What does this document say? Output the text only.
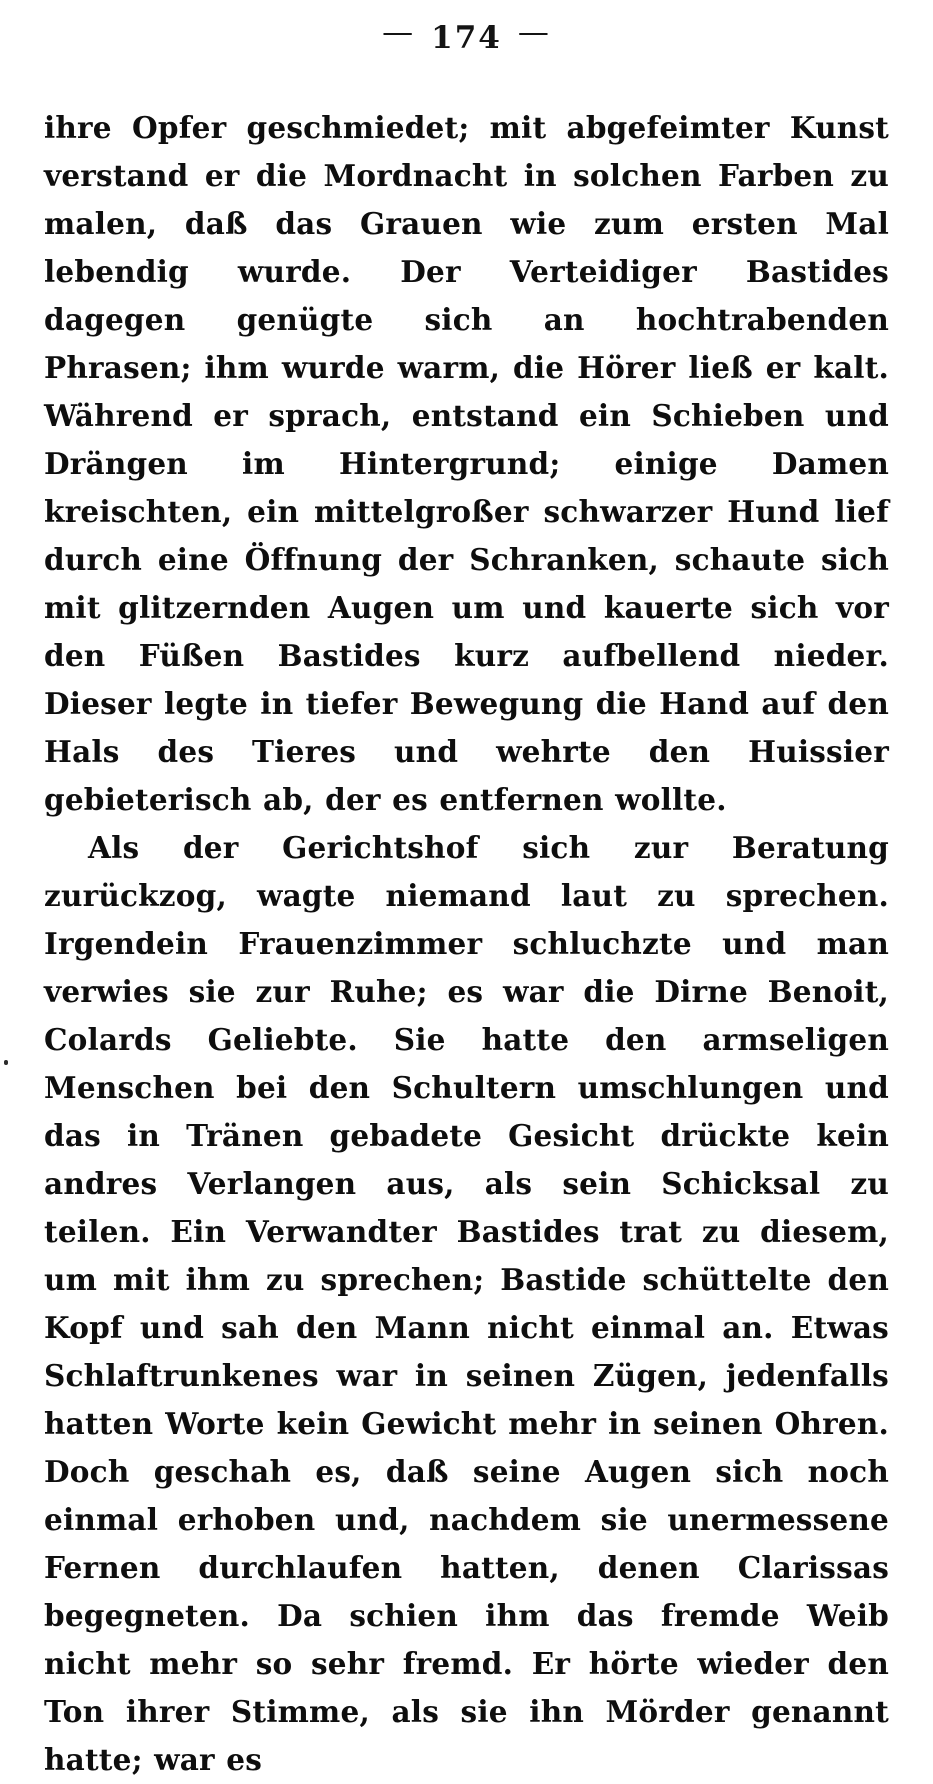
— 174 —

ihre Opfer geschmiedet; mit abgefeimter Kunst verstand er die Mordnacht in solchen Farben zu malen, daß das Grauen wie zum ersten Mal lebendig wurde. Der Verteidiger Bastides dagegen genügte sich an hochtrabenden Phrasen; ihm wurde warm, die Hörer ließ er kalt. Während er sprach, entstand ein Schieben und Drängen im Hintergrund; einige Damen kreischten, ein mittelgroßer schwarzer Hund lief durch eine Öffnung der Schranken, schaute sich mit glitzernden Augen um und kauerte sich vor den Füßen Bastides kurz aufbellend nieder. Dieser legte in tiefer Bewegung die Hand auf den Hals des Tieres und wehrte den Huissier gebieterisch ab, der es entfernen wollte.

Als der Gerichtshof sich zur Beratung zurückzog, wagte niemand laut zu sprechen. Irgendein Frauenzimmer schluchzte und man verwies sie zur Ruhe; es war die Dirne Benoit, Colards Geliebte. Sie hatte den armseligen Menschen bei den Schultern umschlungen und das in Tränen gebadete Gesicht drückte kein andres Verlangen aus, als sein Schicksal zu teilen. Ein Verwandter Bastides trat zu diesem, um mit ihm zu sprechen; Bastide schüttelte den Kopf und sah den Mann nicht einmal an. Etwas Schlaftrunkenes war in seinen Zügen, jedenfalls hatten Worte kein Gewicht mehr in seinen Ohren. Doch geschah es, daß seine Augen sich noch einmal erhoben und, nachdem sie unermessene Fernen durchlaufen hatten, denen Clarissas begegneten. Da schien ihm das fremde Weib nicht mehr so sehr fremd. Er hörte wieder den Ton ihrer Stimme, als sie ihn Mörder genannt hatte; war es
